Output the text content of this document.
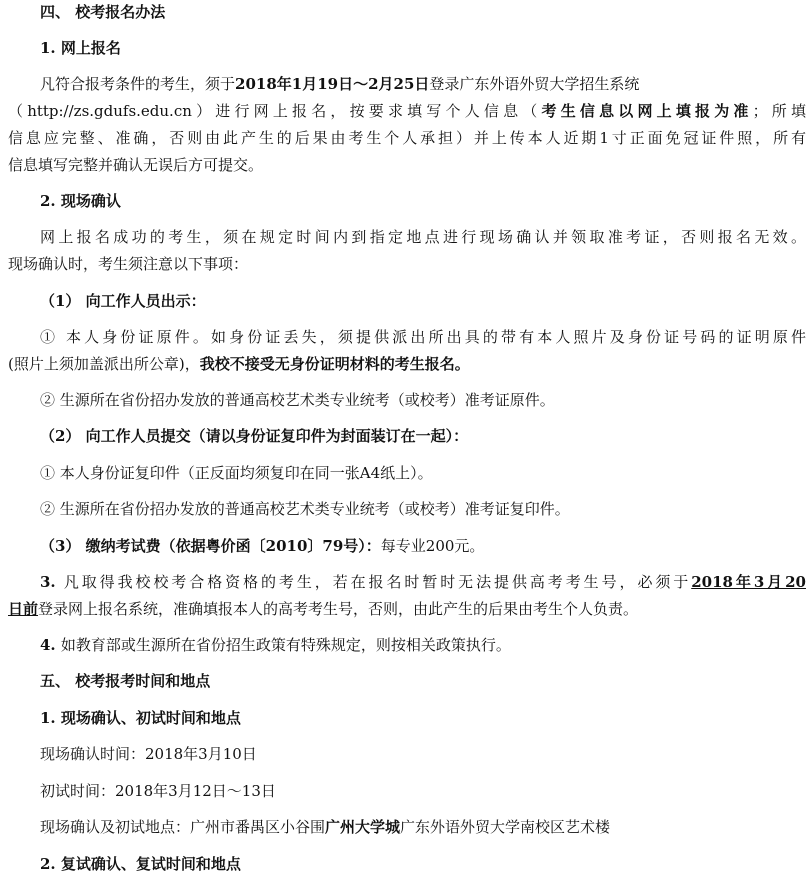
四、 校考报名办法
1. 网上报名
凡符合报考条件的考生，须于2018年1月19日～2月25日登录广东外语外贸大学招生系统
（http://zs.gdufs.edu.cn）进行网上报名，按要求填写个人信息（考生信息以网上填报为准；所填
信息应完整、准确，否则由此产生的后果由考生个人承担）并上传本人近期1寸正面免冠证件照，所有
信息填写完整并确认无误后方可提交。
2. 现场确认
网上报名成功的考生，须在规定时间内到指定地点进行现场确认并领取准考证，否则报名无效。
现场确认时，考生须注意以下事项：
（1） 向工作人员出示：
① 本人身份证原件。如身份证丢失，须提供派出所出具的带有本人照片及身份证号码的证明原件
(照片上须加盖派出所公章)，我校不接受无身份证明材料的考生报名。
② 生源所在省份招办发放的普通高校艺术类专业统考（或校考）准考证原件。
（2） 向工作人员提交（请以身份证复印件为封面装订在一起）：
① 本人身份证复印件（正反面均须复印在同一张A4纸上）。
② 生源所在省份招办发放的普通高校艺术类专业统考（或校考）准考证复印件。
（3） 缴纳考试费（依据粤价函〔2010〕79号）：每专业200元。
3. 凡取得我校校考合格资格的考生，若在报名时暂时无法提供高考考生号，必须于2018年3月20
日前登录网上报名系统，准确填报本人的高考考生号，否则，由此产生的后果由考生个人负责。
4. 如教育部或生源所在省份招生政策有特殊规定，则按相关政策执行。
五、 校考报考时间和地点
1. 现场确认、初试时间和地点
现场确认时间：2018年3月10日
初试时间：2018年3月12日～13日
现场确认及初试地点：广州市番禺区小谷围广州大学城广东外语外贸大学南校区艺术楼
2. 复试确认、复试时间和地点
